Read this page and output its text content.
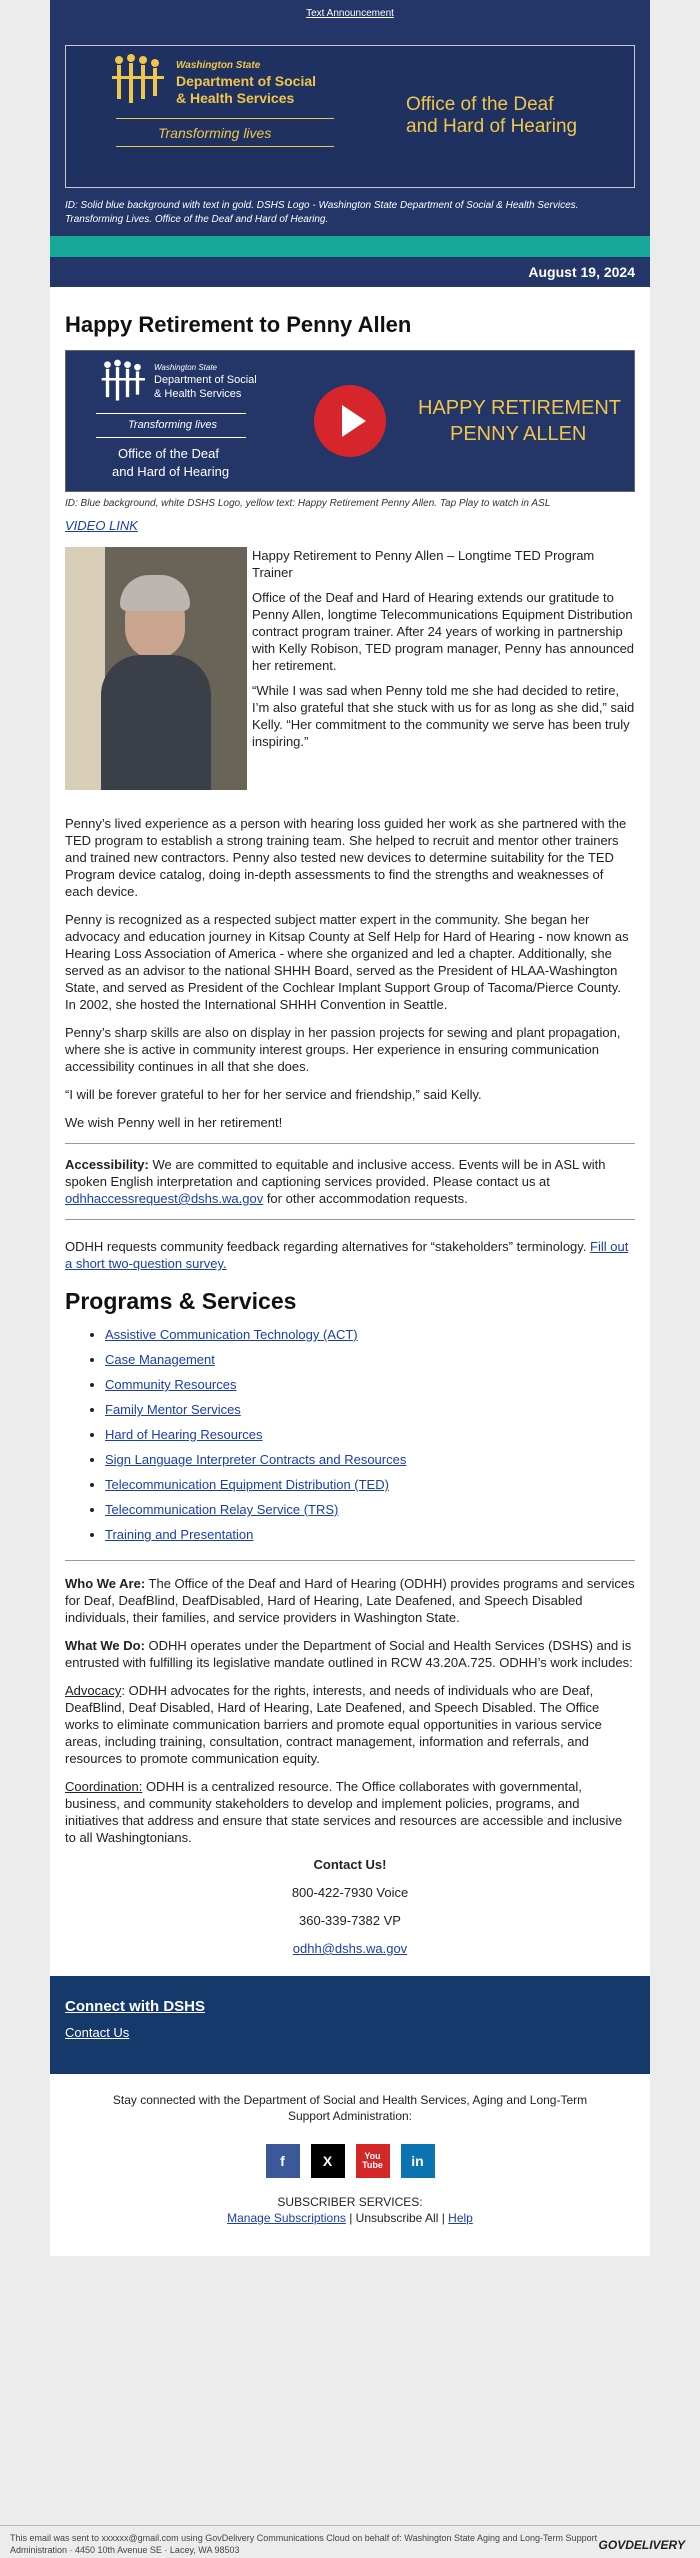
Text Announcement
Washington State
Department of Social
& Health Services
Transforming lives
Office of the Deaf
and Hard of Hearing
ID: Solid blue background with text in gold. DSHS Logo - Washington State Department of Social & Health Services. Transforming Lives. Office of the Deaf and Hard of Hearing.
August 19, 2024
Happy Retirement to Penny Allen
Washington State
Department of Social
& Health Services
Transforming lives
Office of the Deaf
and Hard of Hearing
HAPPY RETIREMENT
PENNY ALLEN
ID: Blue background, white DSHS Logo, yellow text: Happy Retirement Penny Allen. Tap Play to watch in ASL
VIDEO LINK

Happy Retirement to Penny Allen – Longtime TED Program Trainer

Office of the Deaf and Hard of Hearing extends our gratitude to Penny Allen, longtime Telecommunications Equipment Distribution contract program trainer. After 24 years of working in partnership with Kelly Robison, TED program manager, Penny has announced her retirement.

“While I was sad when Penny told me she had decided to retire, I’m also grateful that she stuck with us for as long as she did,” said Kelly. “Her commitment to the community we serve has been truly inspiring.”

Penny’s lived experience as a person with hearing loss guided her work as she partnered with the TED program to establish a strong training team. She helped to recruit and mentor other trainers and trained new contractors. Penny also tested new devices to determine suitability for the TED Program device catalog, doing in-depth assessments to find the strengths and weaknesses of each device.

Penny is recognized as a respected subject matter expert in the community. She began her advocacy and education journey in Kitsap County at Self Help for Hard of Hearing - now known as Hearing Loss Association of America - where she organized and led a chapter. Additionally, she served as an advisor to the national SHHH Board, served as the President of HLAA-Washington State, and served as President of the Cochlear Implant Support Group of Tacoma/Pierce County. In 2002, she hosted the International SHHH Convention in Seattle.

Penny’s sharp skills are also on display in her passion projects for sewing and plant propagation, where she is active in community interest groups. Her experience in ensuring communication accessibility continues in all that she does.

“I will be forever grateful to her for her service and friendship,” said Kelly.

We wish Penny well in her retirement!

Accessibility: We are committed to equitable and inclusive access. Events will be in ASL with spoken English interpretation and captioning services provided. Please contact us at odhhaccessrequest@dshs.wa.gov for other accommodation requests.

ODHH requests community feedback regarding alternatives for “stakeholders” terminology. Fill out a short two-question survey.

Programs & Services
• Assistive Communication Technology (ACT)
• Case Management
• Community Resources
• Family Mentor Services
• Hard of Hearing Resources
• Sign Language Interpreter Contracts and Resources
• Telecommunication Equipment Distribution (TED)
• Telecommunication Relay Service (TRS)
• Training and Presentation

Who We Are: The Office of the Deaf and Hard of Hearing (ODHH) provides programs and services for Deaf, DeafBlind, DeafDisabled, Hard of Hearing, Late Deafened, and Speech Disabled individuals, their families, and service providers in Washington State.

What We Do: ODHH operates under the Department of Social and Health Services (DSHS) and is entrusted with fulfilling its legislative mandate outlined in RCW 43.20A.725. ODHH’s work includes:

Advocacy: ODHH advocates for the rights, interests, and needs of individuals who are Deaf, DeafBlind, Deaf Disabled, Hard of Hearing, Late Deafened, and Speech Disabled. The Office works to eliminate communication barriers and promote equal opportunities in various service areas, including training, consultation, contract management, information and referrals, and resources to promote communication equity.

Coordination: ODHH is a centralized resource. The Office collaborates with governmental, business, and community stakeholders to develop and implement policies, programs, and initiatives that address and ensure that state services and resources are accessible and inclusive to all Washingtonians.

Contact Us!
800-422-7930 Voice
360-339-7382 VP
odhh@dshs.wa.gov
Connect with DSHS
Contact Us
Stay connected with the Department of Social and Health Services, Aging and Long-Term Support Administration:
f	X	You Tube	in
SUBSCRIBER SERVICES:
Manage Subscriptions | Unsubscribe All | Help
This email was sent to xxxxxx@gmail.com using GovDelivery Communications Cloud on behalf of: Washington State Aging and Long-Term Support Administration · 4450 10th Avenue SE · Lacey, WA 98503	GOVDELIVERY
